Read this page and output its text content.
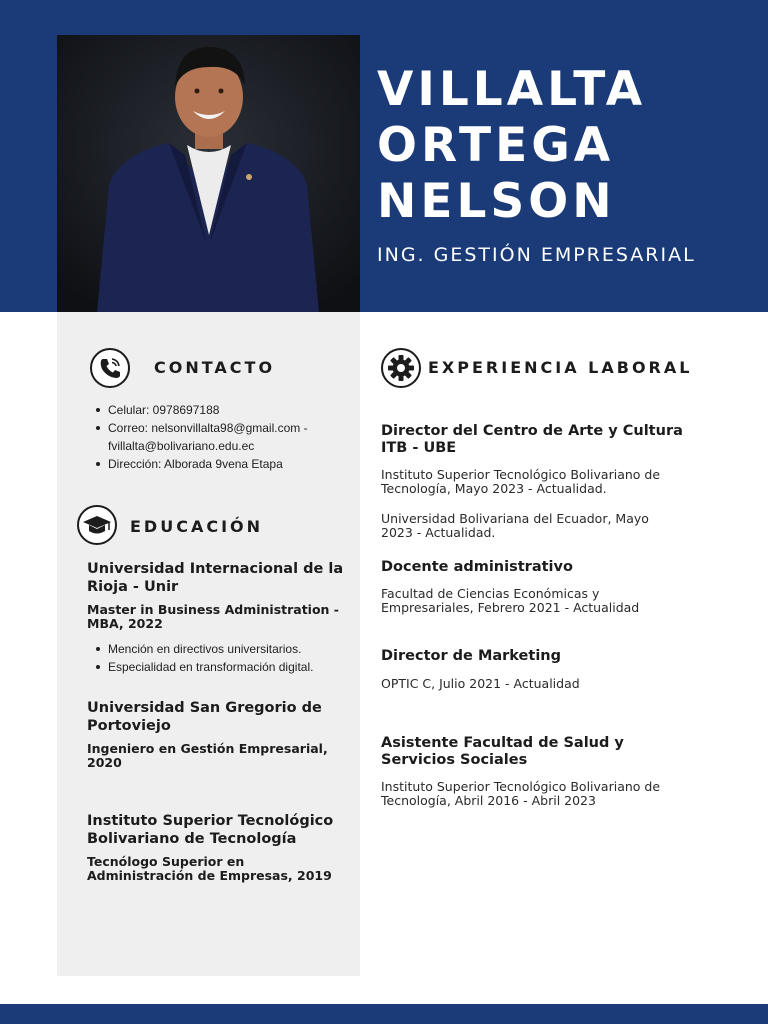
VILLALTA
ORTEGA
NELSON
ING. GESTIÓN EMPRESARIAL
CONTACTO
Celular: 0978697188
Correo: nelsonvillalta98@gmail.com -
fvillalta@bolivariano.edu.ec
Dirección: Alborada 9vena Etapa
EDUCACIÓN
Universidad Internacional de la Rioja - Unir
Master in Business Administration - MBA, 2022
Mención en directivos universitarios.
Especialidad en transformación digital.
Universidad San Gregorio de Portoviejo
Ingeniero en Gestión Empresarial, 2020
Instituto Superior Tecnológico Bolivariano de Tecnología
Tecnólogo Superior en Administración de Empresas, 2019
EXPERIENCIA LABORAL
Director del Centro de Arte y Cultura ITB - UBE
Instituto Superior Tecnológico Bolivariano de Tecnología, Mayo 2023 - Actualidad.
Universidad Bolivariana del Ecuador, Mayo 2023 - Actualidad.
Docente administrativo
Facultad de Ciencias Económicas y Empresariales, Febrero 2021 - Actualidad
Director de Marketing
OPTIC C, Julio 2021 - Actualidad
Asistente Facultad de Salud y Servicios Sociales
Instituto Superior Tecnológico Bolivariano de Tecnología, Abril 2016 - Abril 2023
